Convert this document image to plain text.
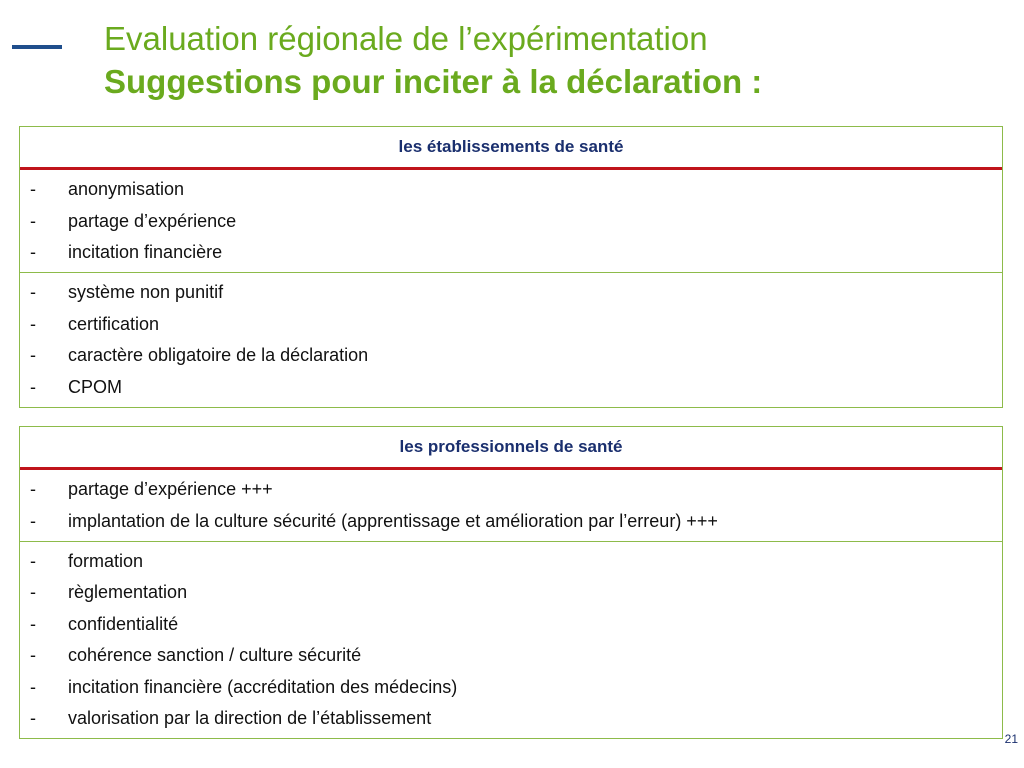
Evaluation régionale de l’expérimentation
Suggestions pour inciter à la déclaration :
les établissements de santé
-	anonymisation
-	partage d’expérience
-	incitation financière
-	système non punitif
-	certification
-	caractère obligatoire de la déclaration
-	CPOM
les professionnels de santé
-	partage d’expérience +++
-	implantation de la culture sécurité (apprentissage et amélioration par l’erreur) +++
-	formation
-	règlementation
-	confidentialité
-	cohérence sanction / culture sécurité
-	incitation financière (accréditation des médecins)
-	valorisation par la direction de l’établissement
21
